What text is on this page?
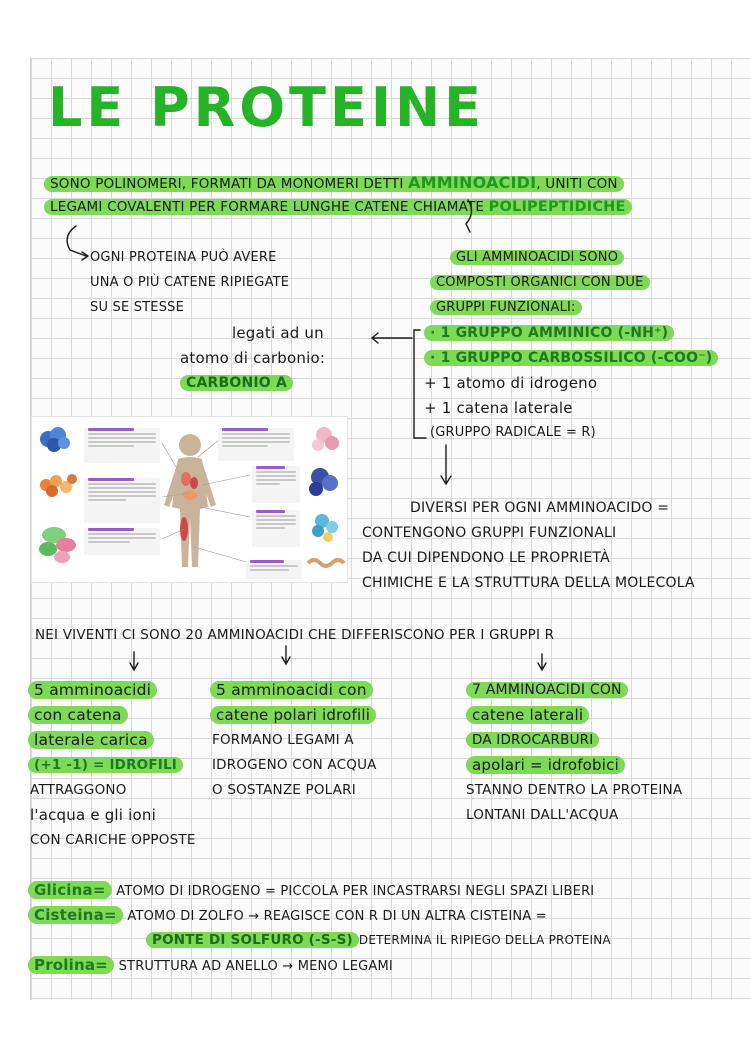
LE PROTEINE
SONO POLINOMERI, FORMATI DA MONOMERI DETTI AMMINOACIDI, UNITI CON
LEGAMI COVALENTI PER FORMARE LUNGHE CATENE CHIAMATE POLIPEPTIDICHE
OGNI PROTEINA PUÒ AVERE
UNA O PIÙ CATENE RIPIEGATE
SU SE STESSE
legati ad un
atomo di carbonio:
CARBONIO Α
GLI AMMINOACIDI SONO
COMPOSTI ORGANICI CON DUE
GRUPPI FUNZIONALI:
· 1 GRUPPO AMMINICO (-NH⁺)
· 1 GRUPPO CARBOSSILICO (-COO⁻)
+ 1 atomo di idrogeno
+ 1 catena laterale
(GRUPPO RADICALE = R)
DIVERSI PER OGNI AMMINOACIDO =
CONTENGONO GRUPPI FUNZIONALI
DA CUI DIPENDONO LE PROPRIETÀ
CHIMICHE E LA STRUTTURA DELLA MOLECOLA
NEI VIVENTI CI SONO 20 AMMINOACIDI CHE DIFFERISCONO PER I GRUPPI R
5 amminoacidi
con catena
laterale carica
(+1 -1) = IDROFILI
ATTRAGGONO
l'acqua e gli ioni
CON CARICHE OPPOSTE
5 amminoacidi con
catene polari idrofili
FORMANO LEGAMI A
IDROGENO CON ACQUA
O SOSTANZE POLARI
7 AMMINOACIDI CON
catene laterali
DA IDROCARBURI
apolari = idrofobici
STANNO DENTRO LA PROTEINA
LONTANI DALL'ACQUA
Glicina= ATOMO DI IDROGENO = PICCOLA PER INCASTRARSI NEGLI SPAZI LIBERI
Cisteina= ATOMO DI ZOLFO → REAGISCE CON R DI UN ALTRA CISTEINA =
PONTE DI SOLFURO (-S-S) DETERMINA IL RIPIEGO DELLA PROTEINA
Prolina= STRUTTURA AD ANELLO → MENO LEGAMI
